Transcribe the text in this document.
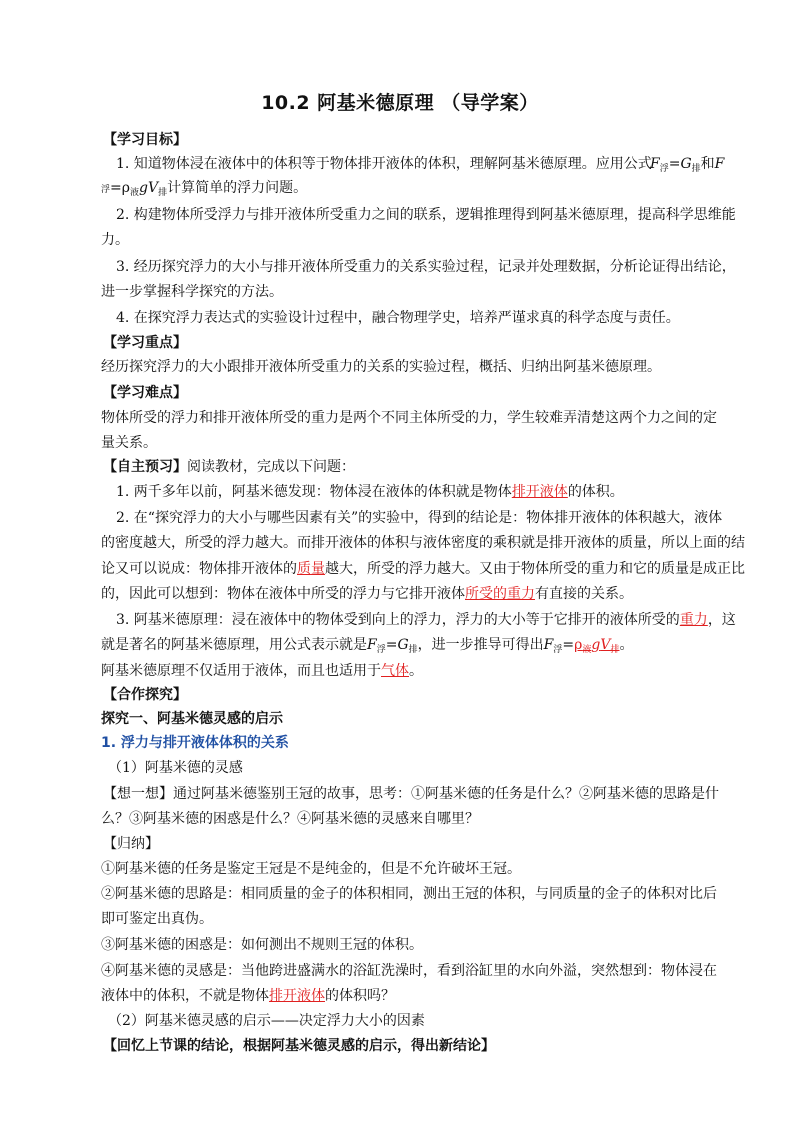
10.2 阿基米德原理 （导学案）
【学习目标】
1. 知道物体浸在液体中的体积等于物体排开液体的体积，理解阿基米德原理。应用公式
$F_浮=G_排$和F
浮$=\rho_液gV_排$计算简单的浮力问题。
2. 构建物体所受浮力与排开液体所受重力之间的联系，逻辑推理得到阿基米德原理，提高科学思维能
力。
3. 经历探究浮力的大小与排开液体所受重力的关系实验过程，记录并处理数据，分析论证得出结论，
进一步掌握科学探究的方法。
4. 在探究浮力表达式的实验设计过程中，融合物理学史，培养严谨求真的科学态度与责任。
【学习重点】
经历探究浮力的大小跟排开液体所受重力的关系的实验过程，概括、归纳出阿基米德原理。
【学习难点】
物体所受的浮力和排开液体所受的重力是两个不同主体所受的力，学生较难弄清楚这两个力之间的定
量关系。
【自主预习】阅读教材，完成以下问题：
1. 两千多年以前，阿基米德发现：物体浸在液体的体积就是物体排开液体的体积。
2. 在“探究浮力的大小与哪些因素有关”的实验中，得到的结论是：物体排开液体的体积越大，液体
的密度越大，所受的浮力越大。而排开液体的体积与液体密度的乘积就是排开液体的质量，所以上面的结
论又可以说成：物体排开液体的质量越大，所受的浮力越大。又由于物体所受的重力和它的质量是成正比
的，因此可以想到：物体在液体中所受的浮力与它排开液体所受的重力有直接的关系。
3. 阿基米德原理：浸在液体中的物体受到向上的浮力，浮力的大小等于它排开的液体所受的重力，这
就是著名的阿基米德原理，用公式表示就是$F_浮=G_排$，进一步推导可得出$F_浮=\rho_液gV_排$。
阿基米德原理不仅适用于液体，而且也适用于气体。
【合作探究】
探究一、阿基米德灵感的启示
1. 浮力与排开液体体积的关系
（1）阿基米德的灵感
【想一想】通过阿基米德鉴别王冠的故事，思考：①阿基米德的任务是什么？②阿基米德的思路是什
么？③阿基米德的困惑是什么？④阿基米德的灵感来自哪里？
【归纳】
①阿基米德的任务是鉴定王冠是不是纯金的，但是不允许破坏王冠。
②阿基米德的思路是：相同质量的金子的体积相同，测出王冠的体积，与同质量的金子的体积对比后
即可鉴定出真伪。
③阿基米德的困惑是：如何测出不规则王冠的体积。
④阿基米德的灵感是：当他跨进盛满水的浴缸洗澡时，看到浴缸里的水向外溢，突然想到：物体浸在
液体中的体积，不就是物体排开液体的体积吗？
（2）阿基米德灵感的启示——决定浮力大小的因素
【回忆上节课的结论，根据阿基米德灵感的启示，得出新结论】
